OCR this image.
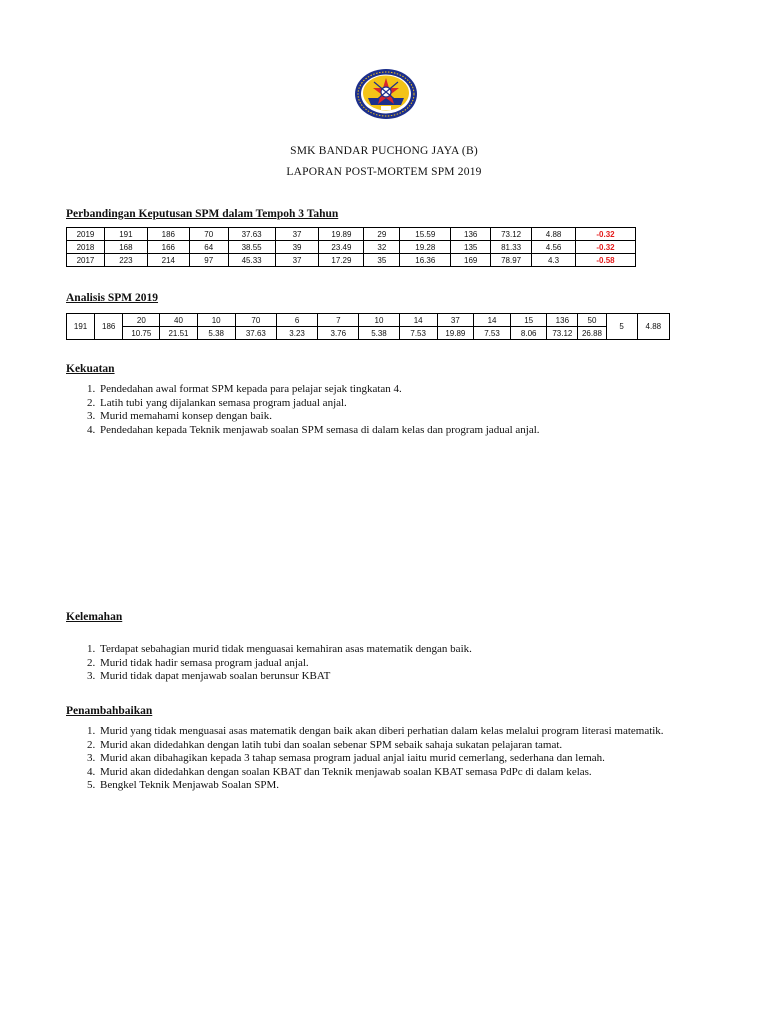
SMK BANDAR PUCHONG JAYA (B)
LAPORAN POST-MORTEM SPM 2019
Perbandingan Keputusan SPM dalam Tempoh 3 Tahun
2019	191	186	70	37.63	37	19.89	29	15.59	136	73.12	4.88	-0.32
2018	168	166	64	38.55	39	23.49	32	19.28	135	81.33	4.56	-0.32
2017	223	214	97	45.33	37	17.29	35	16.36	169	78.97	4.3	-0.58
Analisis SPM 2019
191	186	20	40	10	70	6	7	10	14	37	14	15	136	50	5	4.88
		10.75	21.51	5.38	37.63	3.23	3.76	5.38	7.53	19.89	7.53	8.06	73.12	26.88		
Kekuatan
1. Pendedahan awal format SPM kepada para pelajar sejak tingkatan 4.
2. Latih tubi yang dijalankan semasa program jadual anjal.
3. Murid memahami konsep dengan baik.
4. Pendedahan kepada Teknik menjawab soalan SPM semasa di dalam kelas dan program jadual anjal.
Kelemahan
1. Terdapat sebahagian murid tidak menguasai kemahiran asas matematik dengan baik.
2. Murid tidak hadir semasa program jadual anjal.
3. Murid tidak dapat menjawab soalan berunsur KBAT
Penambahbaikan
1. Murid yang tidak menguasai asas matematik dengan baik akan diberi perhatian dalam kelas melalui program literasi matematik.
2. Murid akan didedahkan dengan latih tubi dan soalan sebenar SPM sebaik sahaja sukatan pelajaran tamat.
3. Murid akan dibahagikan kepada 3 tahap semasa program jadual anjal iaitu murid cemerlang, sederhana dan lemah.
4. Murid akan didedahkan dengan soalan KBAT dan Teknik menjawab soalan KBAT semasa PdPc di dalam kelas.
5. Bengkel Teknik Menjawab Soalan SPM.
